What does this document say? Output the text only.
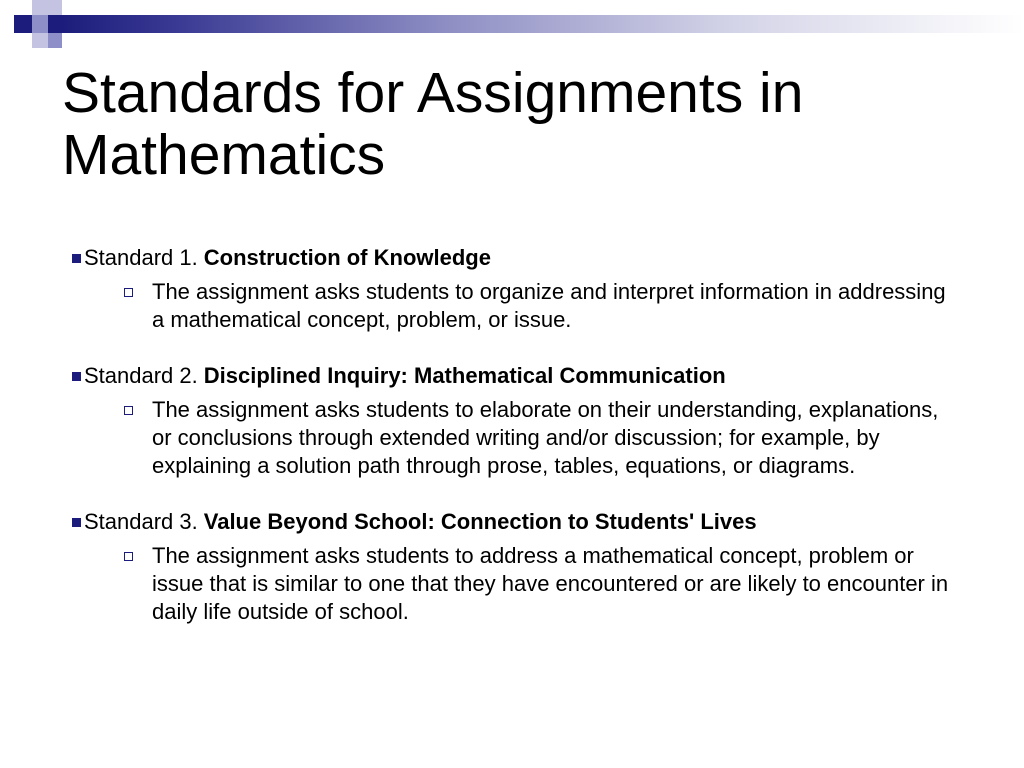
Standards for Assignments in Mathematics
Standard 1. Construction of Knowledge
The assignment asks students to organize and interpret information in addressing a mathematical concept, problem, or issue.
Standard 2. Disciplined Inquiry: Mathematical Communication
The assignment asks students to elaborate on their understanding, explanations, or conclusions through extended writing and/or discussion; for example, by explaining a solution path through prose, tables, equations, or diagrams.
Standard 3. Value Beyond School: Connection to Students' Lives
The assignment asks students to address a mathematical concept, problem or issue that is similar to one that they have encountered or are likely to encounter in daily life outside of school.
